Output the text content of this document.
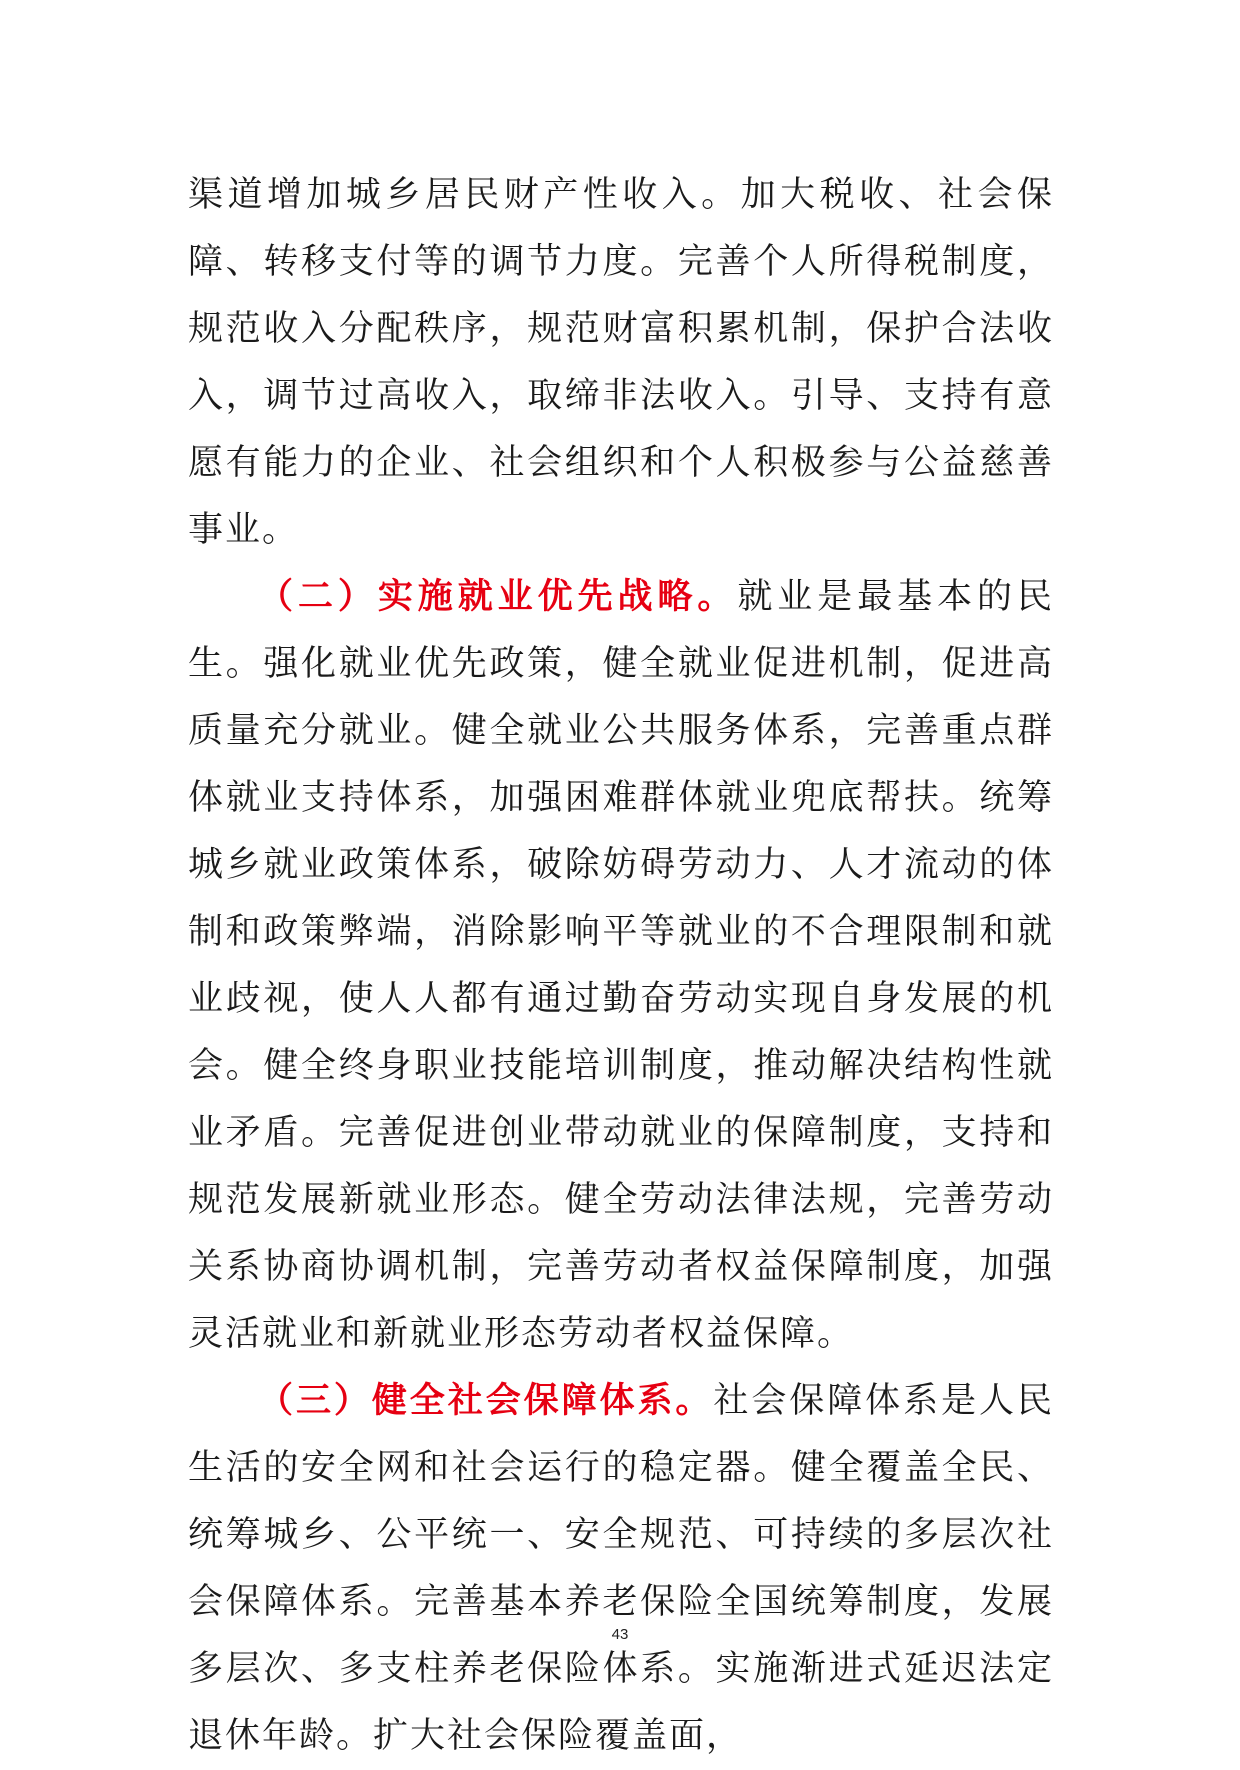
渠道增加城乡居民财产性收入。加大税收、社会保障、转移支付等的调节力度。完善个人所得税制度，规范收入分配秩序，规范财富积累机制，保护合法收入，调节过高收入，取缔非法收入。引导、支持有意愿有能力的企业、社会组织和个人积极参与公益慈善事业。

（二）实施就业优先战略。就业是最基本的民生。强化就业优先政策，健全就业促进机制，促进高质量充分就业。健全就业公共服务体系，完善重点群体就业支持体系，加强困难群体就业兜底帮扶。统筹城乡就业政策体系，破除妨碍劳动力、人才流动的体制和政策弊端，消除影响平等就业的不合理限制和就业歧视，使人人都有通过勤奋劳动实现自身发展的机会。健全终身职业技能培训制度，推动解决结构性就业矛盾。完善促进创业带动就业的保障制度，支持和规范发展新就业形态。健全劳动法律法规，完善劳动关系协商协调机制，完善劳动者权益保障制度，加强灵活就业和新就业形态劳动者权益保障。

（三）健全社会保障体系。社会保障体系是人民生活的安全网和社会运行的稳定器。健全覆盖全民、统筹城乡、公平统一、安全规范、可持续的多层次社会保障体系。完善基本养老保险全国统筹制度，发展多层次、多支柱养老保险体系。实施渐进式延迟法定退休年龄。扩大社会保险覆盖面，

43
